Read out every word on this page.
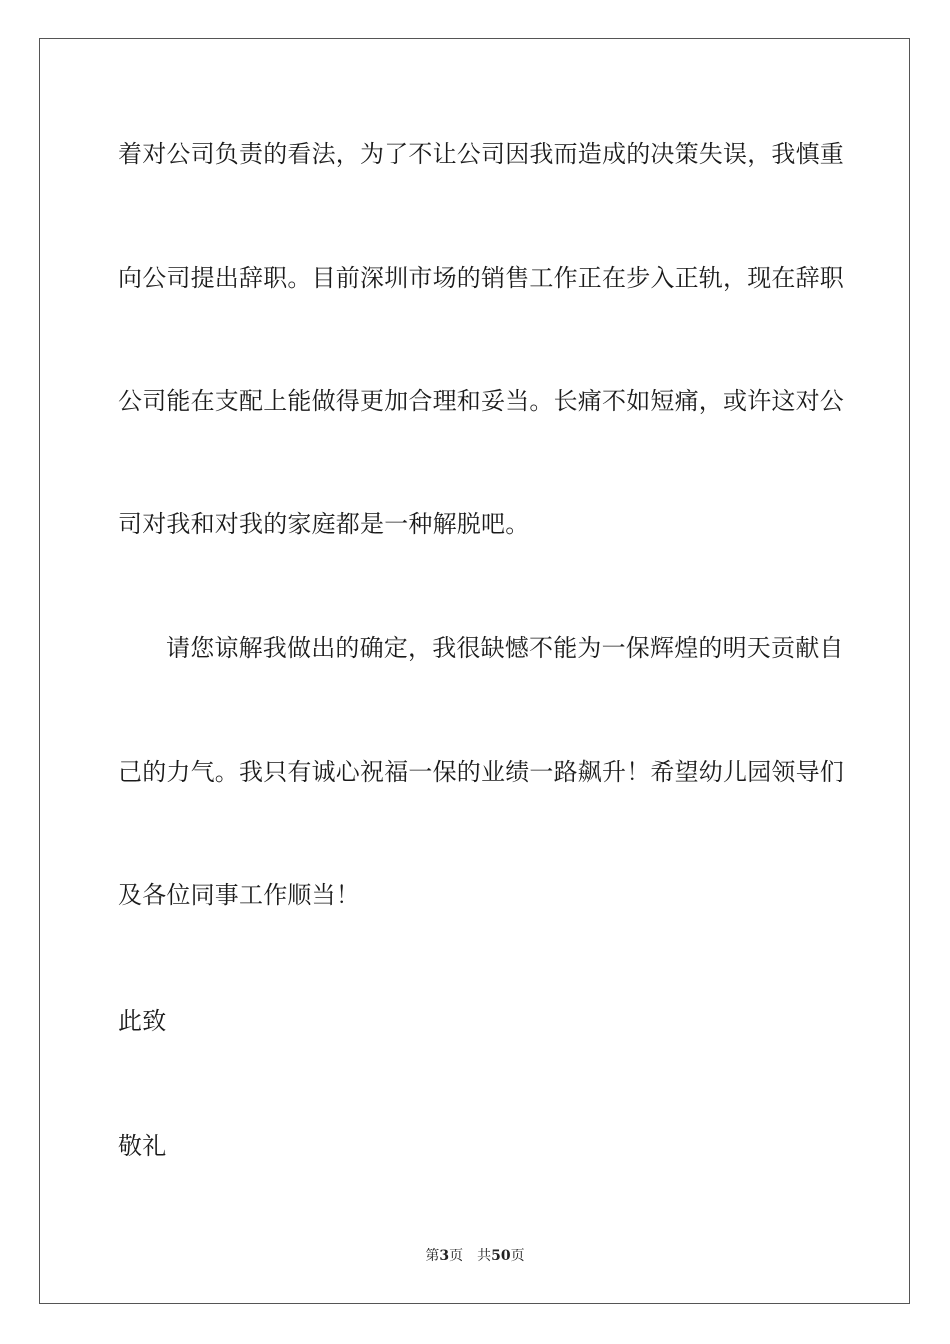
着对公司负责的看法，为了不让公司因我而造成的决策失误，我慎重
向公司提出辞职。目前深圳市场的销售工作正在步入正轨，现在辞职
公司能在支配上能做得更加合理和妥当。长痛不如短痛，或许这对公
司对我和对我的家庭都是一种解脱吧。
请您谅解我做出的确定，我很缺憾不能为一保辉煌的明天贡献自
己的力气。我只有诚心祝福一保的业绩一路飙升！希望幼儿园领导们
及各位同事工作顺当！
此致
敬礼
第3页 共50页
